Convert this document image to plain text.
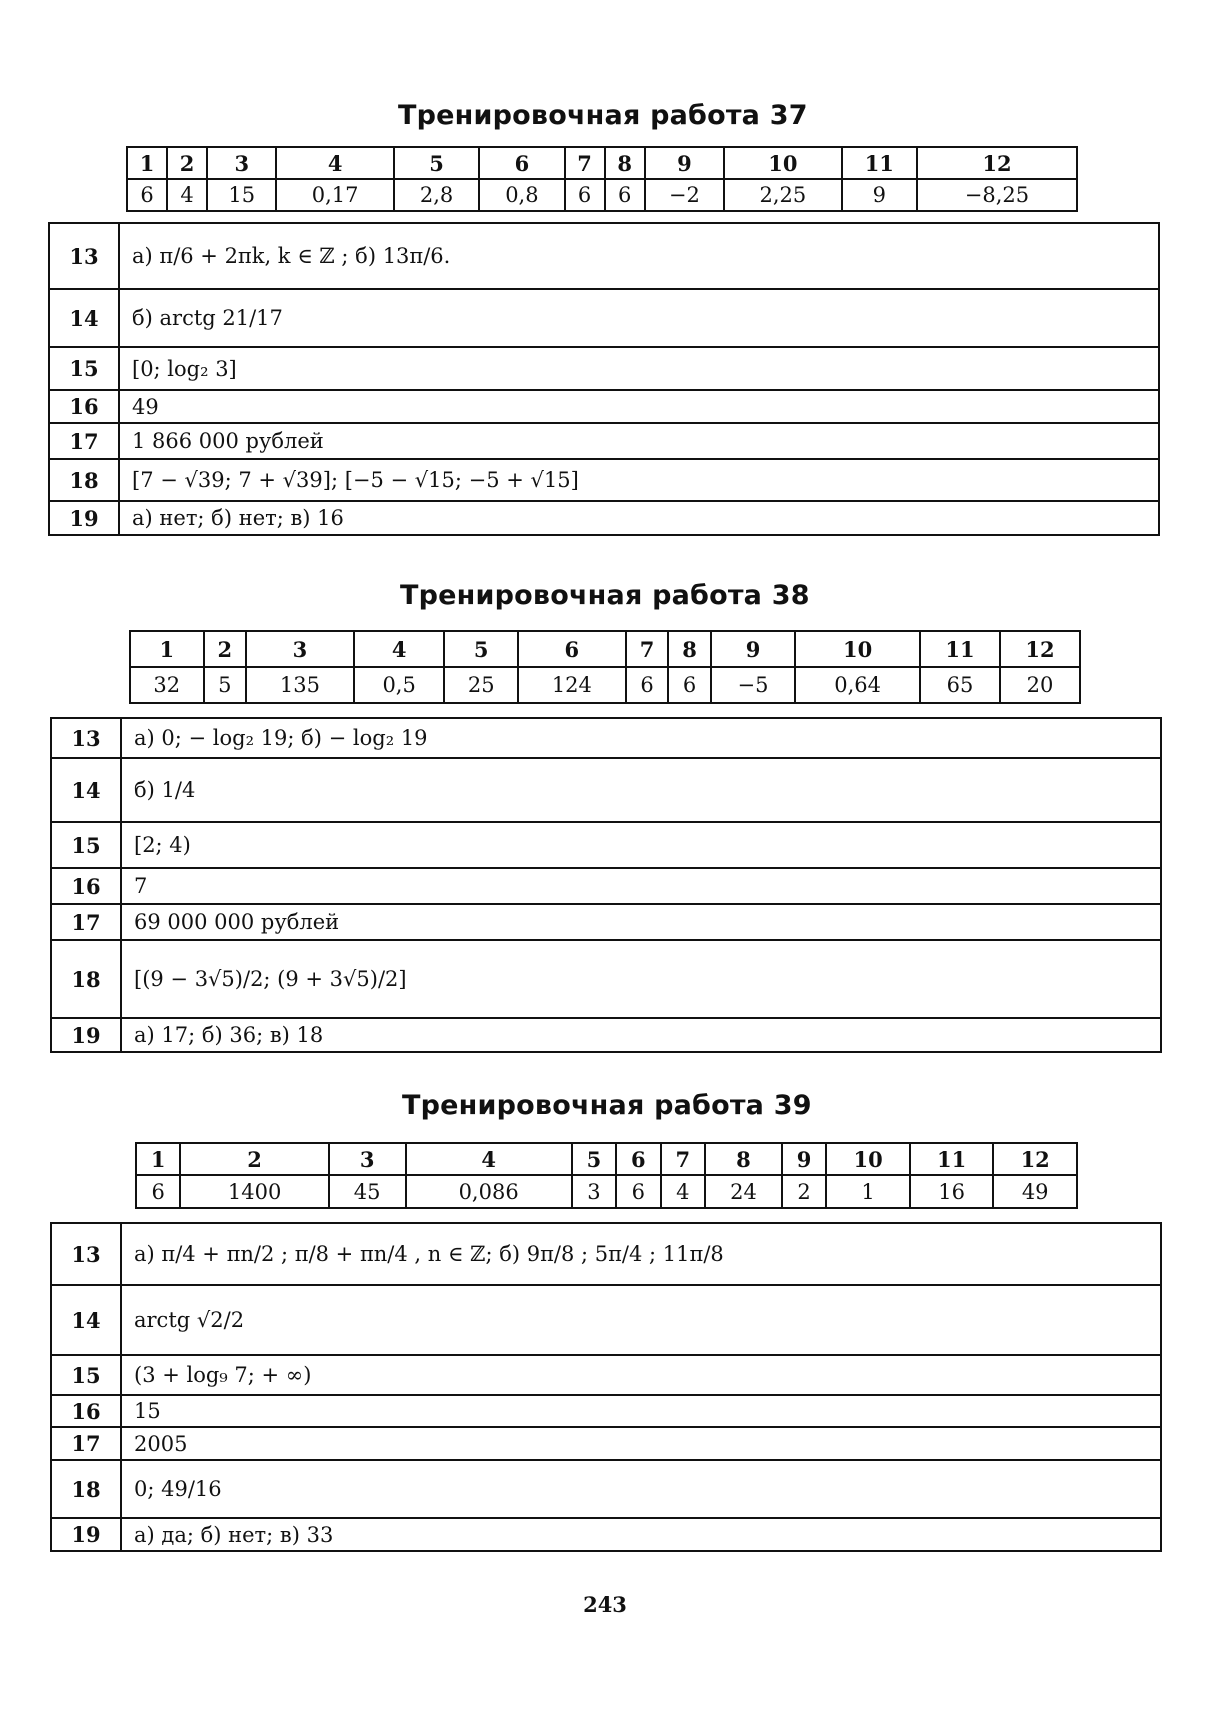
Тренировочная работа 37
1	2	3	4	5	6	7	8	9	10	11	12
6	4	15	0,17	2,8	0,8	6	6	−2	2,25	9	−8,25
13	а) π/6 + 2πk, k ∈ ℤ ; б) 13π/6.
14	б) arctg 21/17
15	[0; log₂ 3]
16	49
17	1 866 000 рублей
18	[7 − √39; 7 + √39]; [−5 − √15; −5 + √15]
19	а) нет; б) нет; в) 16
Тренировочная работа 38
1	2	3	4	5	6	7	8	9	10	11	12
32	5	135	0,5	25	124	6	6	−5	0,64	65	20
13	а) 0; − log₂ 19; б) − log₂ 19
14	б) 1/4
15	[2; 4)
16	7
17	69 000 000 рублей
18	[(9 − 3√5)/2; (9 + 3√5)/2]
19	а) 17; б) 36; в) 18
Тренировочная работа 39
1	2	3	4	5	6	7	8	9	10	11	12
6	1400	45	0,086	3	6	4	24	2	1	16	49
13	а) π/4 + πn/2 ; π/8 + πn/4 , n ∈ ℤ; б) 9π/8 ; 5π/4 ; 11π/8
14	arctg √2/2
15	(3 + log₉ 7; + ∞)
16	15
17	2005
18	0; 49/16
19	а) да; б) нет; в) 33
243
